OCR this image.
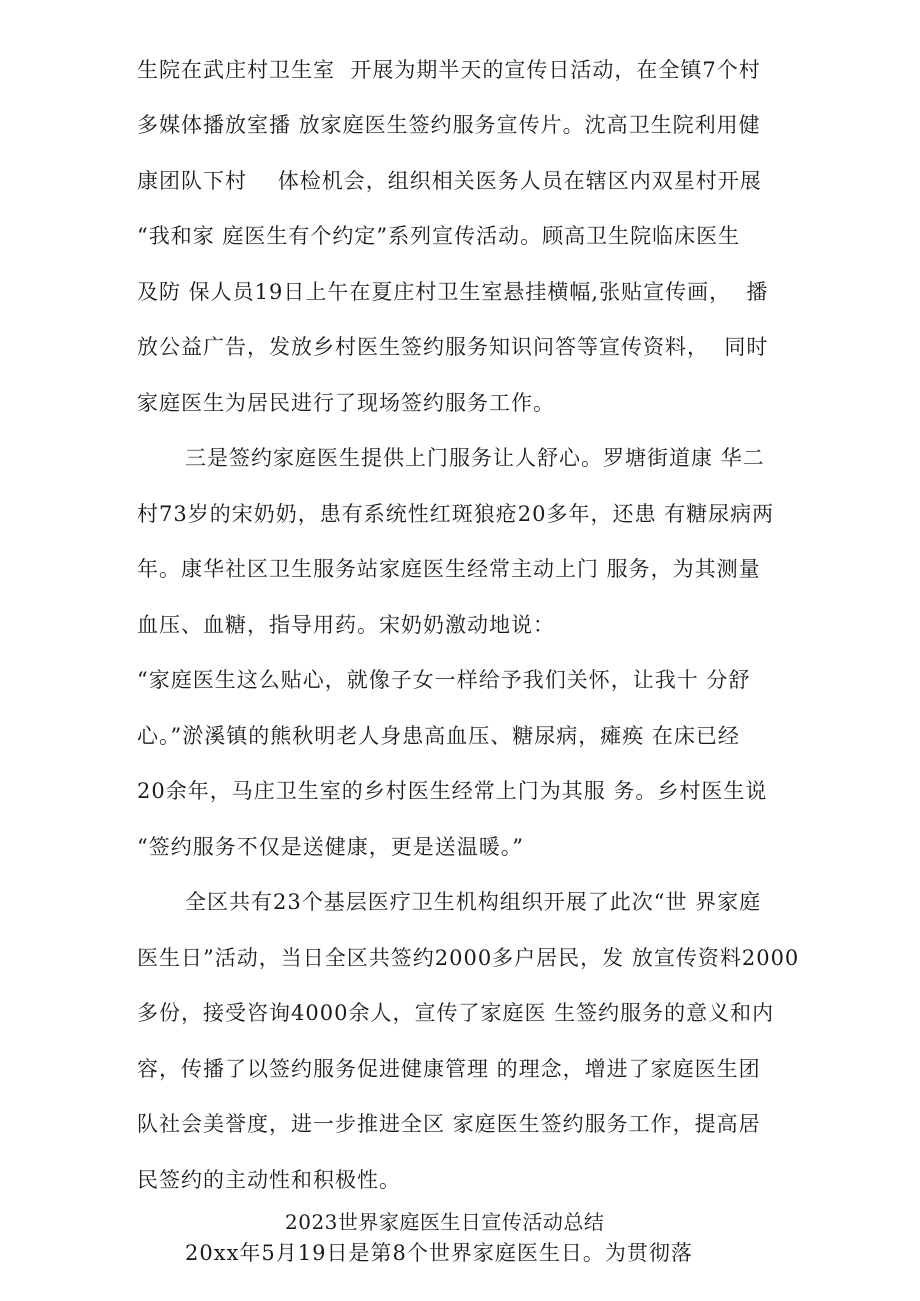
生院在武庄村卫生室  开展为期半天的宣传日活动，在全镇7个村
多媒体播放室播 放家庭医生签约服务宣传片。沈高卫生院利用健
康团队下村    体检机会，组织相关医务人员在辖区内双星村开展
“我和家 庭医生有个约定”系列宣传活动。顾高卫生院临床医生
及防 保人员19日上午在夏庄村卫生室悬挂横幅,张贴宣传画，  播
放公益广告，发放乡村医生签约服务知识问答等宣传资料，  同时
家庭医生为居民进行了现场签约服务工作。
三是签约家庭医生提供上门服务让人舒心。罗塘街道康 华二
村73岁的宋奶奶，患有系统性红斑狼疮20多年，还患 有糖尿病两
年。康华社区卫生服务站家庭医生经常主动上门 服务，为其测量
血压、血糖，指导用药。宋奶奶激动地说：
“家庭医生这么贴心，就像子女一样给予我们关怀，让我十 分舒
心。”淤溪镇的熊秋明老人身患高血压、糖尿病，瘫痪 在床已经
20余年，马庄卫生室的乡村医生经常上门为其服 务。乡村医生说
“签约服务不仅是送健康，更是送温暖。”
全区共有23个基层医疗卫生机构组织开展了此次“世 界家庭
医生日”活动，当日全区共签约2000多户居民，发 放宣传资料2000
多份，接受咨询4000余人，宣传了家庭医 生签约服务的意义和内
容，传播了以签约服务促进健康管理 的理念，增进了家庭医生团
队社会美誉度，进一步推进全区 家庭医生签约服务工作，提高居
民签约的主动性和积极性。
2023世界家庭医生日宣传活动总结
20xx年5月19日是第8个世界家庭医生日。为贯彻落
